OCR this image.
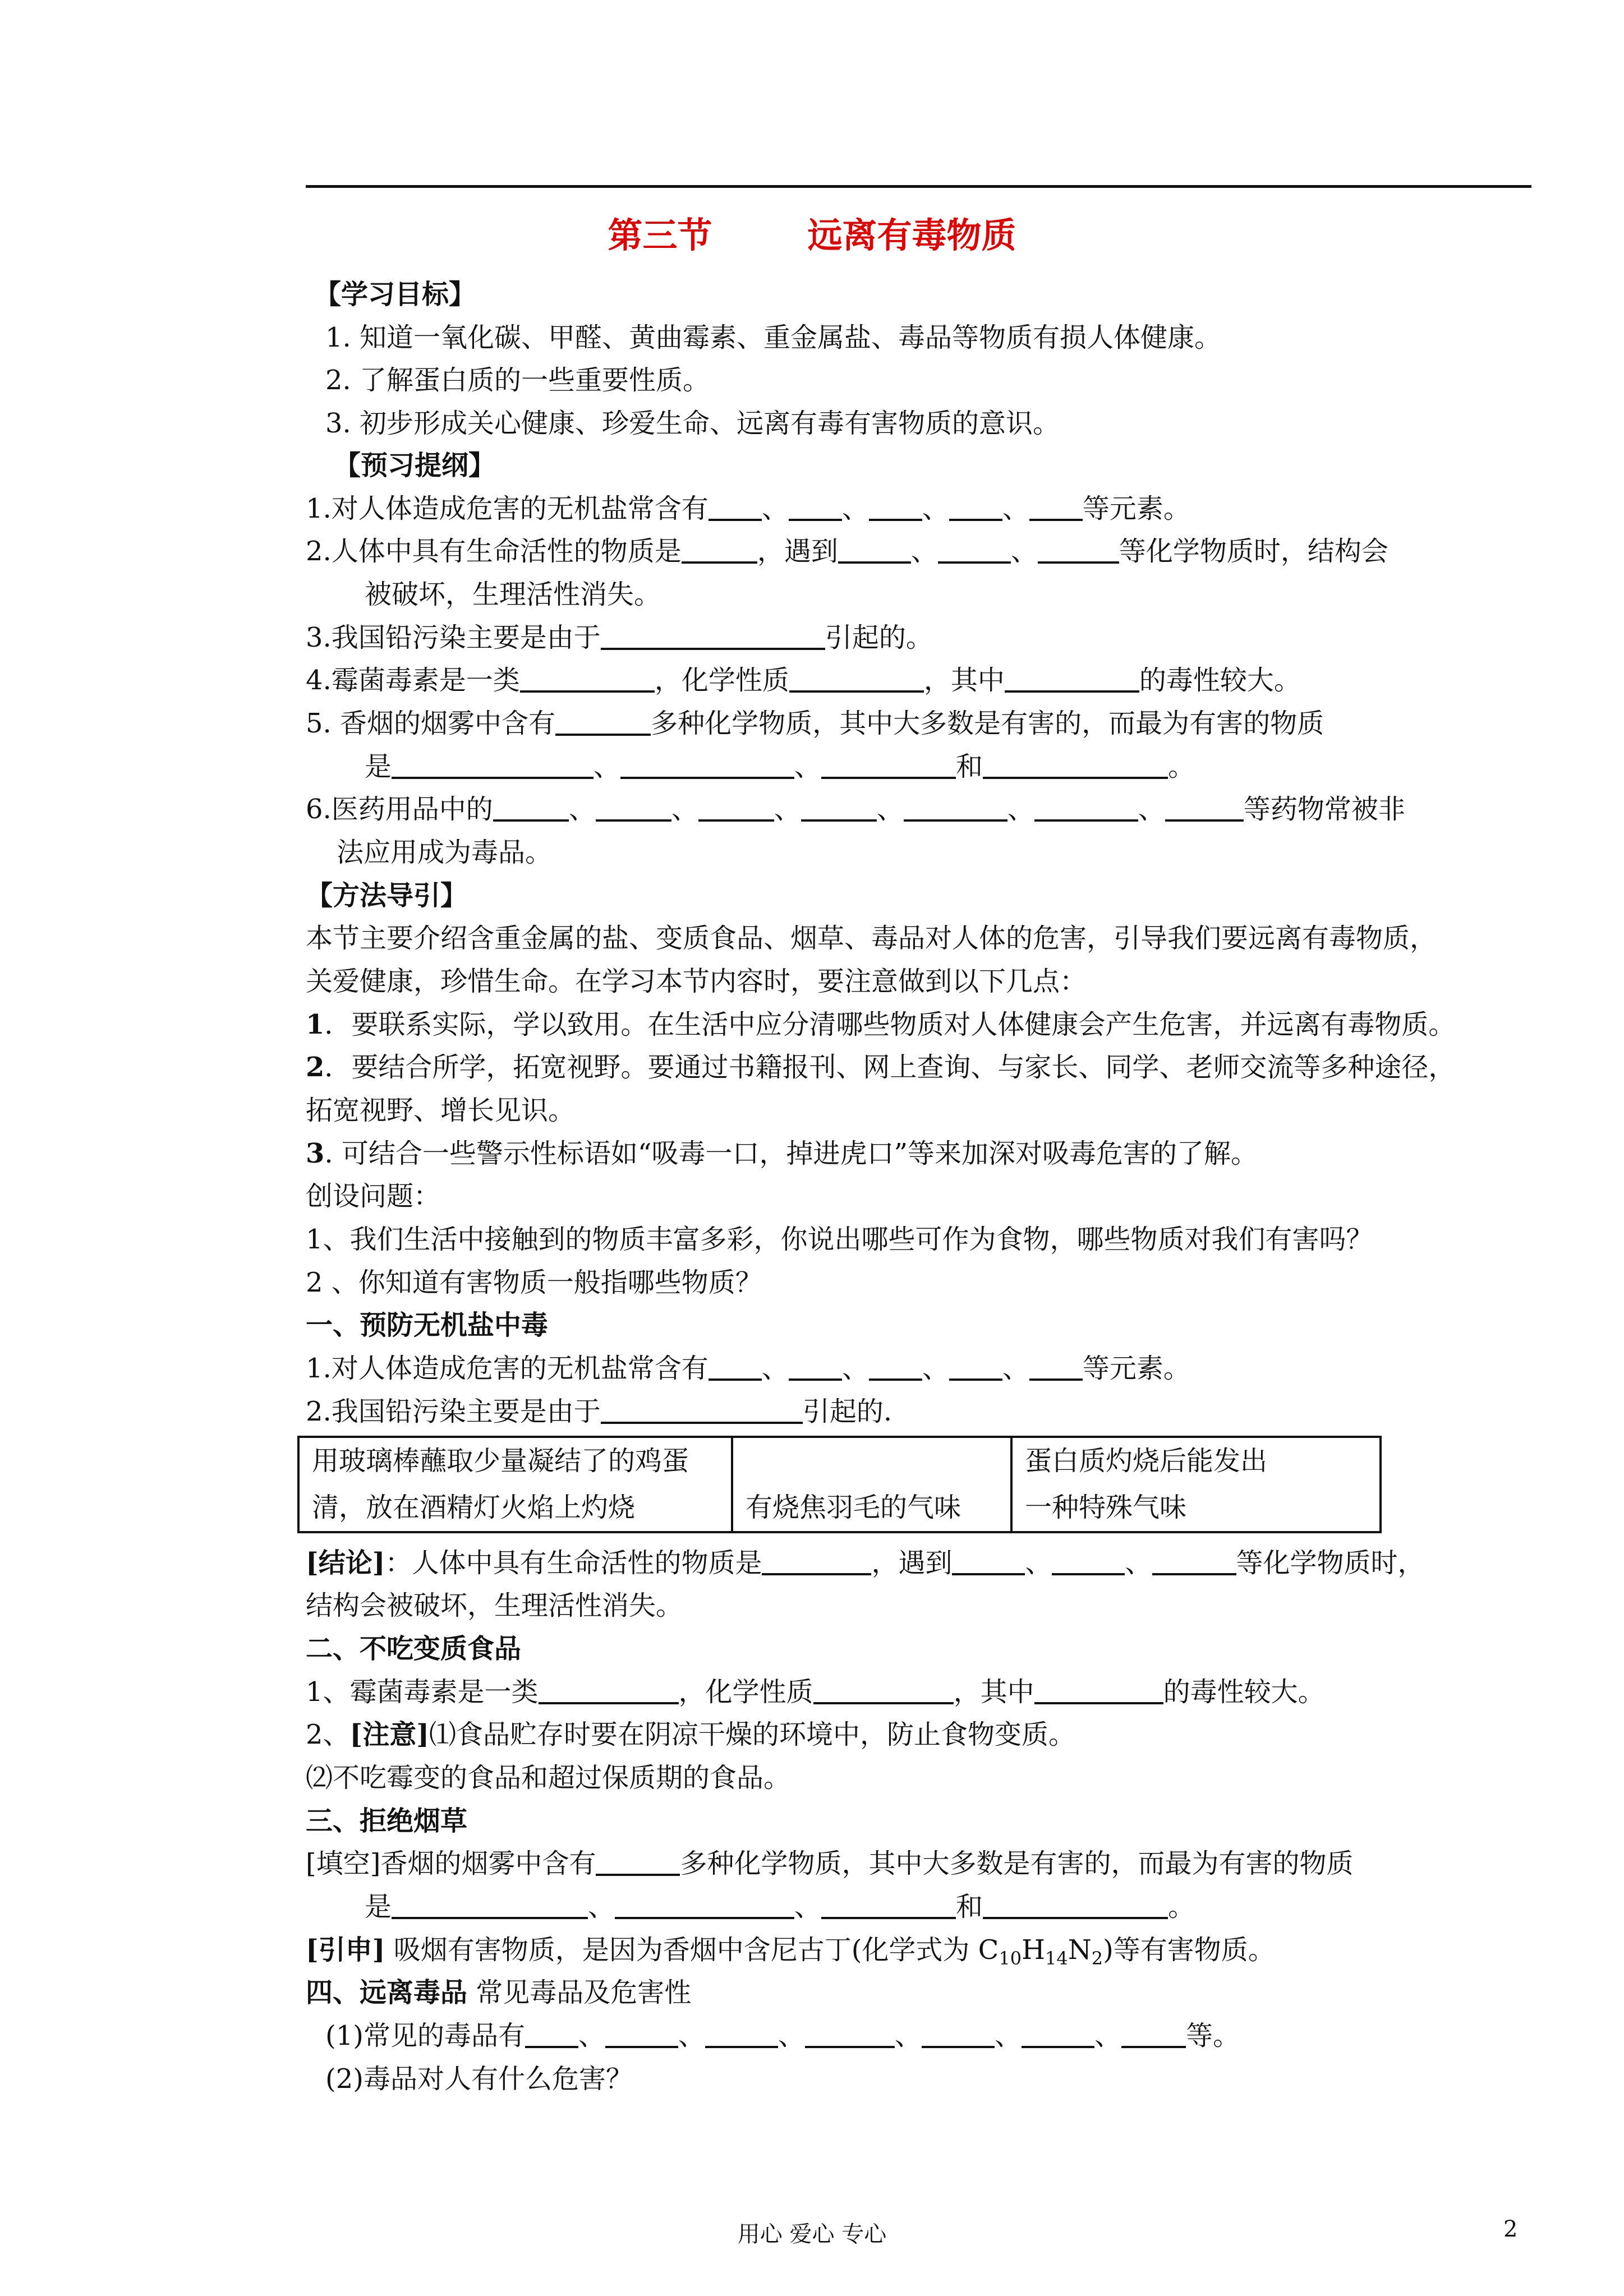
第三节	远离有毒物质
【学习目标】
1. 知道一氧化碳、甲醛、黄曲霉素、重金属盐、毒品等物质有损人体健康。
2. 了解蛋白质的一些重要性质。
3. 初步形成关心健康、珍爱生命、远离有毒有害物质的意识。
【预习提纲】
1.对人体造成危害的无机盐常含有 、 、 、 、 等元素。
2.人体中具有生命活性的物质是	，遇到	、	、	等化学物质时，结构会
被破坏，生理活性消失。
3.我国铅污染主要是由于	引起的。
4.霉菌毒素是一类	，化学性质	，其中	的毒性较大。
5. 香烟的烟雾中含有	多种化学物质，其中大多数是有害的，而最为有害的物质
是	、	、	和	。
6.医药用品中的	、	、	、	、	、	、	等药物常被非
法应用成为毒品。
【方法导引】
本节主要介绍含重金属的盐、变质食品、烟草、毒品对人体的危害，引导我们要远离有毒物质，
关爱健康，珍惜生命。在学习本节内容时，要注意做到以下几点：
1．要联系实际，学以致用。在生活中应分清哪些物质对人体健康会产生危害，并远离有毒物质。
2．要结合所学，拓宽视野。要通过书籍报刊、网上查询、与家长、同学、老师交流等多种途径，
拓宽视野、增长见识。
3. 可结合一些警示性标语如“吸毒一口，掉进虎口”等来加深对吸毒危害的了解。
创设问题：
1、我们生活中接触到的物质丰富多彩，你说出哪些可作为食物，哪些物质对我们有害吗？
2 、你知道有害物质一般指哪些物质？
一、预防无机盐中毒
1.对人体造成危害的无机盐常含有 、 、 、 、 等元素。
2.我国铅污染主要是由于	引起的.
用玻璃棒蘸取少量凝结了的鸡蛋		蛋白质灼烧后能发出
清，放在酒精灯火焰上灼烧	有烧焦羽毛的气味	一种特殊气味
[结论]：人体中具有生命活性的物质是	，遇到	、	、	等化学物质时，
结构会被破坏，生理活性消失。
二、不吃变质食品
1、霉菌毒素是一类	，化学性质	，其中	的毒性较大。
2、[注意]⑴食品贮存时要在阴凉干燥的环境中，防止食物变质。
⑵不吃霉变的食品和超过保质期的食品。
三、拒绝烟草
[填空]香烟的烟雾中含有	多种化学物质，其中大多数是有害的，而最为有害的物质
是	、	、	和	。
[引申] 吸烟有害物质，是因为香烟中含尼古丁(化学式为 $C_{10}H_{14}N_2$)等有害物质。
四、远离毒品 常见毒品及危害性
(1)常见的毒品有 、	、	、	、	、	、 等。
(2)毒品对人有什么危害？
用心 爱心 专心	2
